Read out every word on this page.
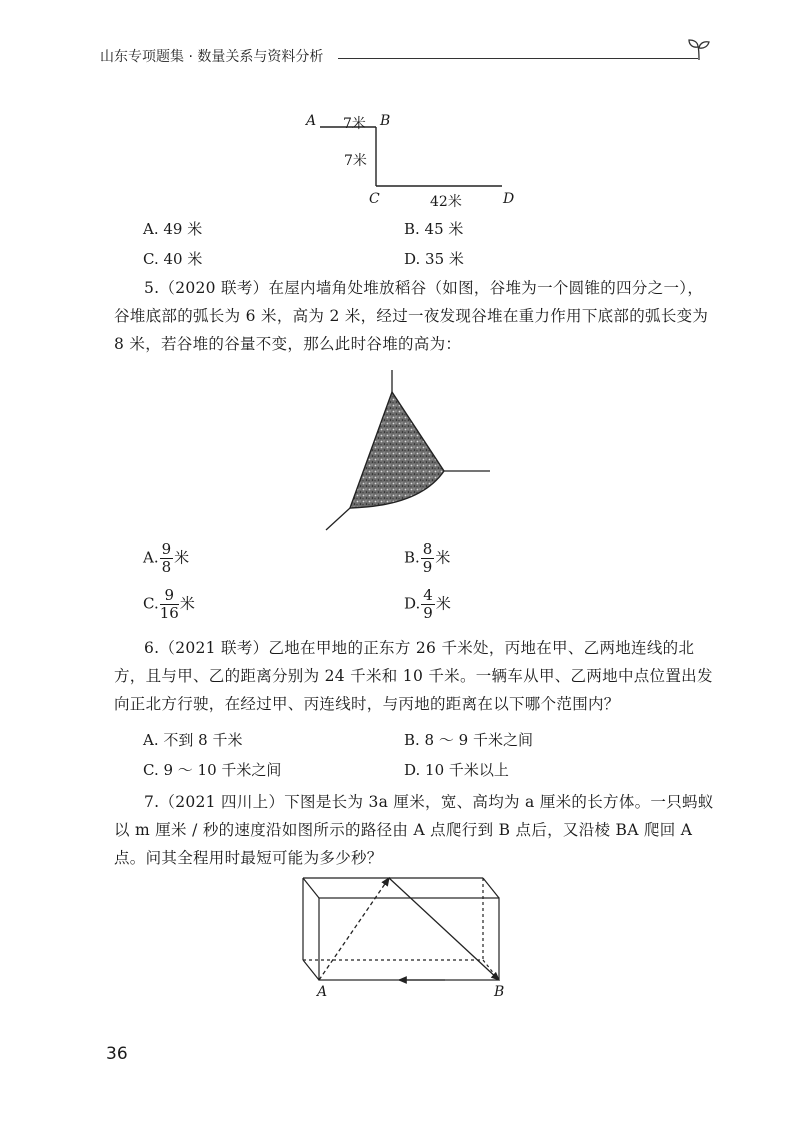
山东专项题集 · 数量关系与资料分析
A 7米 B
7米
C	42米	D
A. 49 米	B. 45 米
C. 40 米	D. 35 米
5.（2020 联考）在屋内墙角处堆放稻谷（如图，谷堆为一个圆锥的四分之一），谷堆底部的弧长为 6 米，高为 2 米，经过一夜发现谷堆在重力作用下底部的弧长变为 8 米，若谷堆的谷量不变，那么此时谷堆的高为：
A. $\frac{9}{8}$ 米	B. $\frac{8}{9}$ 米
C. $\frac{9}{16}$ 米	D. $\frac{4}{9}$ 米
6.（2021 联考）乙地在甲地的正东方 26 千米处，丙地在甲、乙两地连线的北方，且与甲、乙的距离分别为 24 千米和 10 千米。一辆车从甲、乙两地中点位置出发向正北方行驶，在经过甲、丙连线时，与丙地的距离在以下哪个范围内？
A. 不到 8 千米	B. 8 ～ 9 千米之间
C. 9 ～ 10 千米之间	D. 10 千米以上
7.（2021 四川上）下图是长为 3a 厘米，宽、高均为 a 厘米的长方体。一只蚂蚁以 m 厘米 / 秒的速度沿如图所示的路径由 A 点爬行到 B 点后，又沿棱 BA 爬回 A 点。问其全程用时最短可能为多少秒？
A	B
36
